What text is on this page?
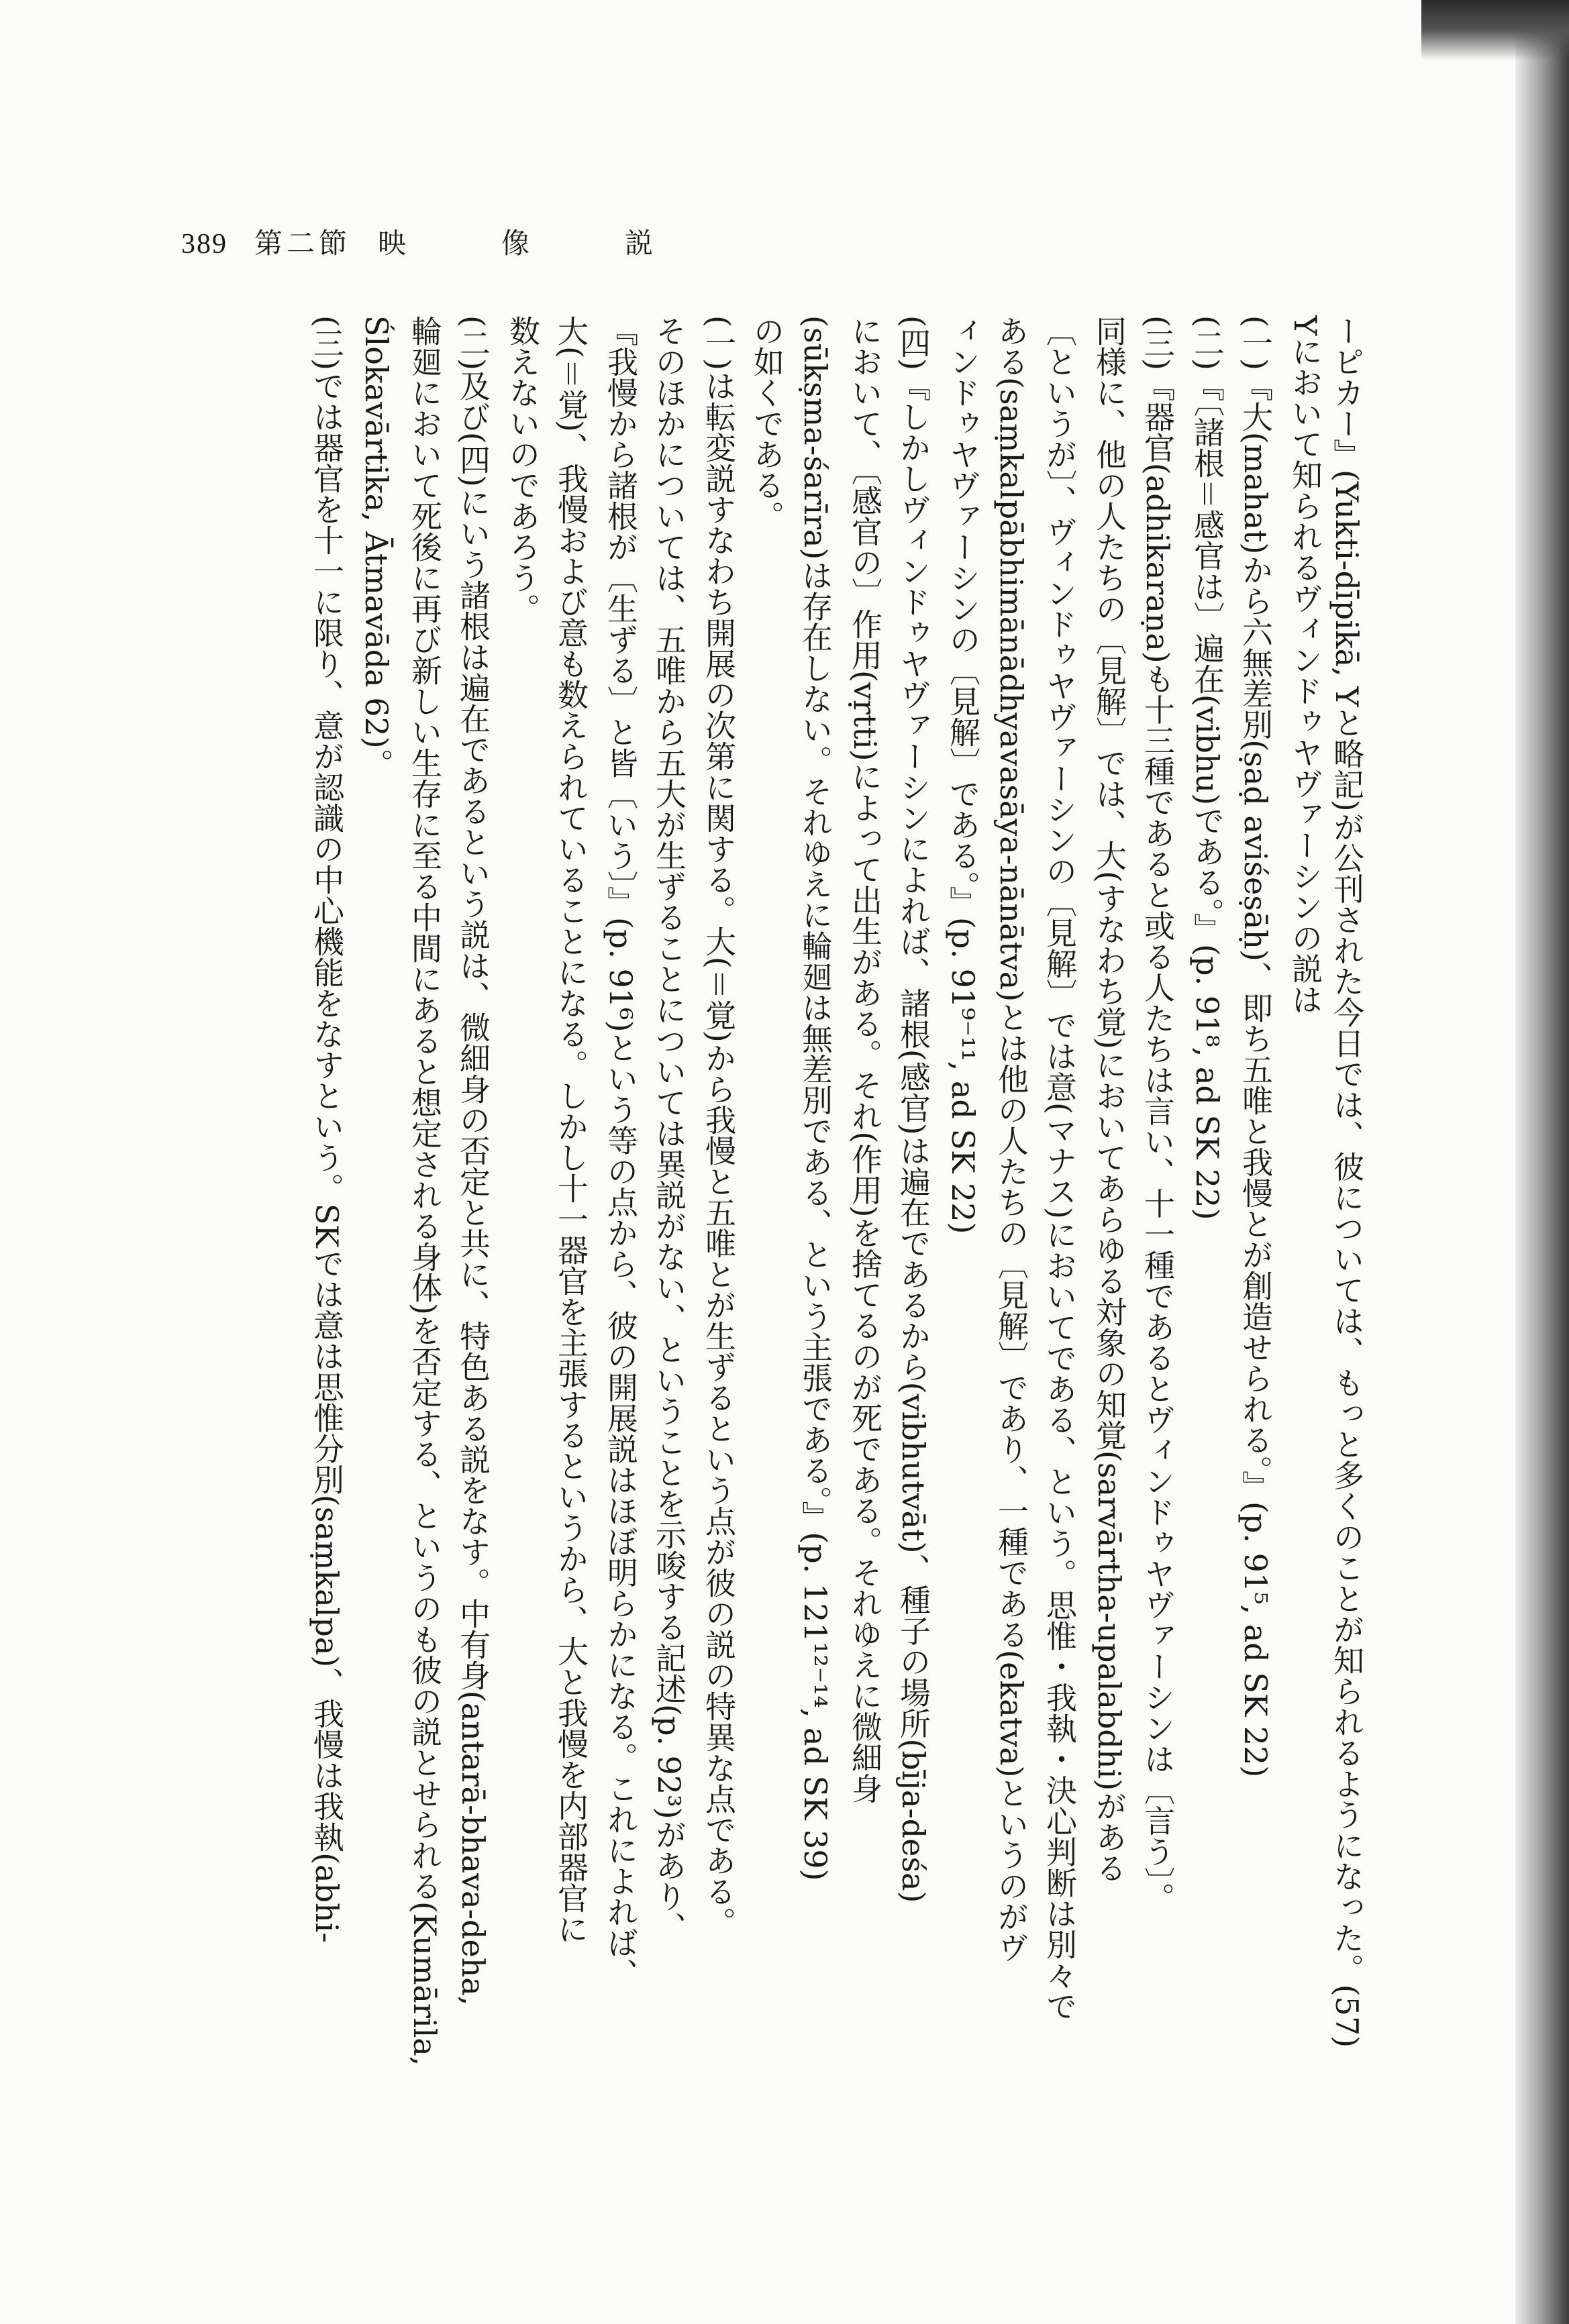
389 第二節 映　像　説
ーピカー』(Yukti-dīpikā, Yと略記)が公刊された今日では、彼については、もっと多くのことが知られるようになった。(57)
Yにおいて知られるヴィンドゥヤヴァーシンの説は
(一)『大(mahat)から六無差別(ṣaḍ aviśeṣāḥ)、即ち五唯と我慢とが創造せられる。』(p. 91⁵, ad SK 22)
(二)『〔諸根＝感官は〕遍在(vibhu)である。』(p. 91⁸, ad SK 22)
(三)『器官(adhikaraṇa)も十三種であると或る人たちは言い、十一種であるとヴィンドゥヤヴァーシンは〔言う〕。
同様に、他の人たちの〔見解〕では、大(すなわち覚)においてあらゆる対象の知覚(sarvārtha-upalabdhi)がある
〔というが〕、ヴィンドゥヤヴァーシンの〔見解〕では意(マナス)においてである、という。思惟・我執・決心判断は別々で
ある(saṃkalpābhimānādhyavasāya-nānātva)とは他の人たちの〔見解〕であり、一種である(ekatva)というのがヴ
ィンドゥヤヴァーシンの〔見解〕である。』(p. 91⁹⁻¹¹, ad SK 22)
(四)『しかしヴィンドゥヤヴァーシンによれば、諸根(感官)は遍在であるから(vibhutvāt)、種子の場所(bīja-deśa)
において、〔感官の〕作用(vṛtti)によって出生がある。それ(作用)を捨てるのが死である。それゆえに微細身
(sūkṣma-śarīra)は存在しない。それゆえに輪廻は無差別である、という主張である。』(p. 121¹²⁻¹⁴, ad SK 39)
の如くである。
(一)は転変説すなわち開展の次第に関する。大(＝覚)から我慢と五唯とが生ずるという点が彼の説の特異な点である。
そのほかについては、五唯から五大が生ずることについては異説がない、ということを示唆する記述(p. 92³)があり、
『我慢から諸根が〔生ずる〕と皆〔いう〕』(p. 91⁶)という等の点から、彼の開展説はほぼ明らかになる。これによれば、
大(＝覚)、我慢および意も数えられていることになる。しかし十一器官を主張するというから、大と我慢を内部器官に
数えないのであろう。
(二)及び(四)にいう諸根は遍在であるという説は、微細身の否定と共に、特色ある説をなす。中有身(antarā-bhava-deha,
輪廻において死後に再び新しい生存に至る中間にあると想定される身体)を否定する、というのも彼の説とせられる(Kumārila,
Ślokavārtika, Ātmavāda 62)。
(三)では器官を十一に限り、意が認識の中心機能をなすという。SKでは意は思惟分別(saṃkalpa)、我慢は我執(abhi-
